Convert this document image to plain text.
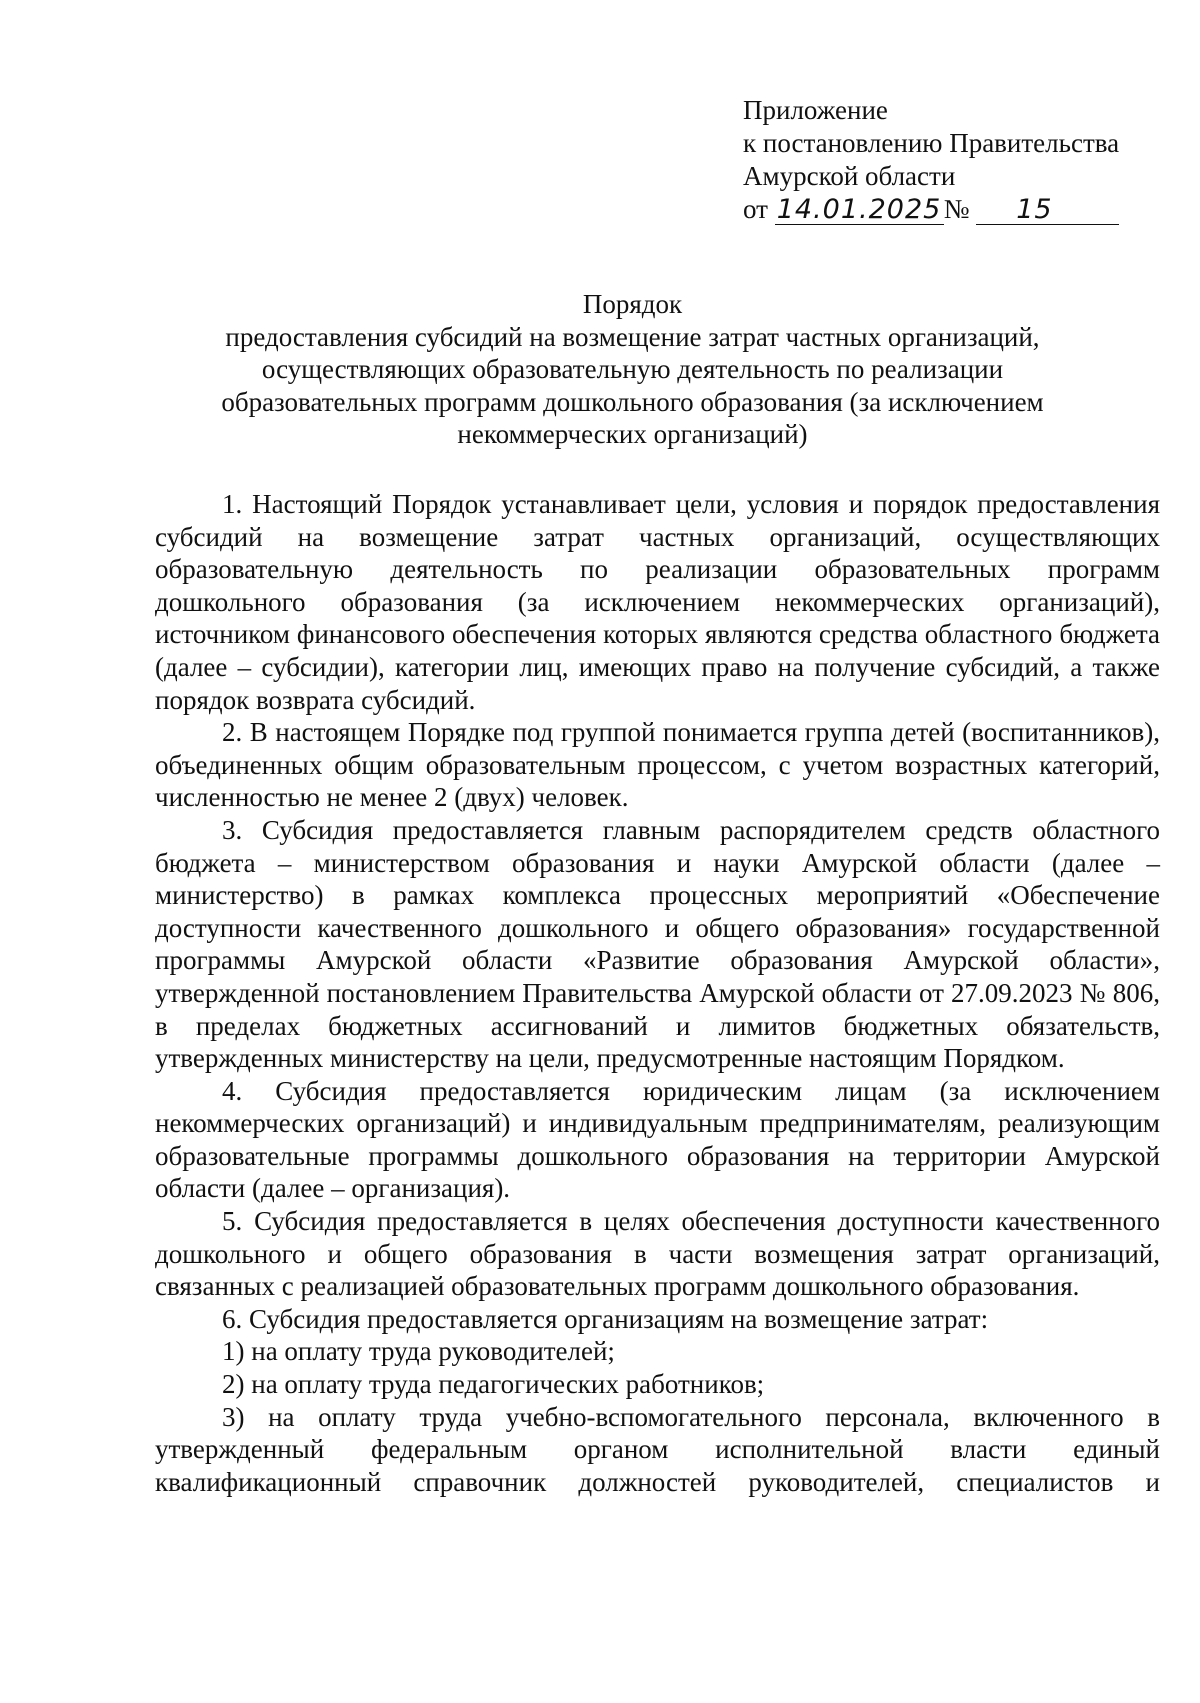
Приложение
к постановлению Правительства
Амурской области
от 14.01.2025№ 15
Порядок
предоставления субсидий на возмещение затрат частных организаций,
осуществляющих образовательную деятельность по реализации
образовательных программ дошкольного образования (за исключением
некоммерческих организаций)

1. Настоящий Порядок устанавливает цели, условия и порядок предоставления субсидий на возмещение затрат частных организаций, осуществляющих образовательную деятельность по реализации образовательных программ дошкольного образования (за исключением некоммерческих организаций), источником финансового обеспечения которых являются средства областного бюджета (далее – субсидии), категории лиц, имеющих право на получение субсидий, а также порядок возврата субсидий.

2. В настоящем Порядке под группой понимается группа детей (воспитанников), объединенных общим образовательным процессом, с учетом возрастных категорий, численностью не менее 2 (двух) человек.

3. Субсидия предоставляется главным распорядителем средств областного бюджета – министерством образования и науки Амурской области (далее – министерство) в рамках комплекса процессных мероприятий «Обеспечение доступности качественного дошкольного и общего образования» государственной программы Амурской области «Развитие образования Амурской области», утвержденной постановлением Правительства Амурской области от 27.09.2023 № 806, в пределах бюджетных ассигнований и лимитов бюджетных обязательств, утвержденных министерству на цели, предусмотренные настоящим Порядком.

4. Субсидия предоставляется юридическим лицам (за исключением некоммерческих организаций) и индивидуальным предпринимателям, реализующим образовательные программы дошкольного образования на территории Амурской области (далее – организация).

5. Субсидия предоставляется в целях обеспечения доступности качественного дошкольного и общего образования в части возмещения затрат организаций, связанных с реализацией образовательных программ дошкольного образования.

6. Субсидия предоставляется организациям на возмещение затрат:

1) на оплату труда руководителей;

2) на оплату труда педагогических работников;

3) на оплату труда учебно-вспомогательного персонала, включенного в утвержденный федеральным органом исполнительной власти единый квалификационный справочник должностей руководителей, специалистов и
